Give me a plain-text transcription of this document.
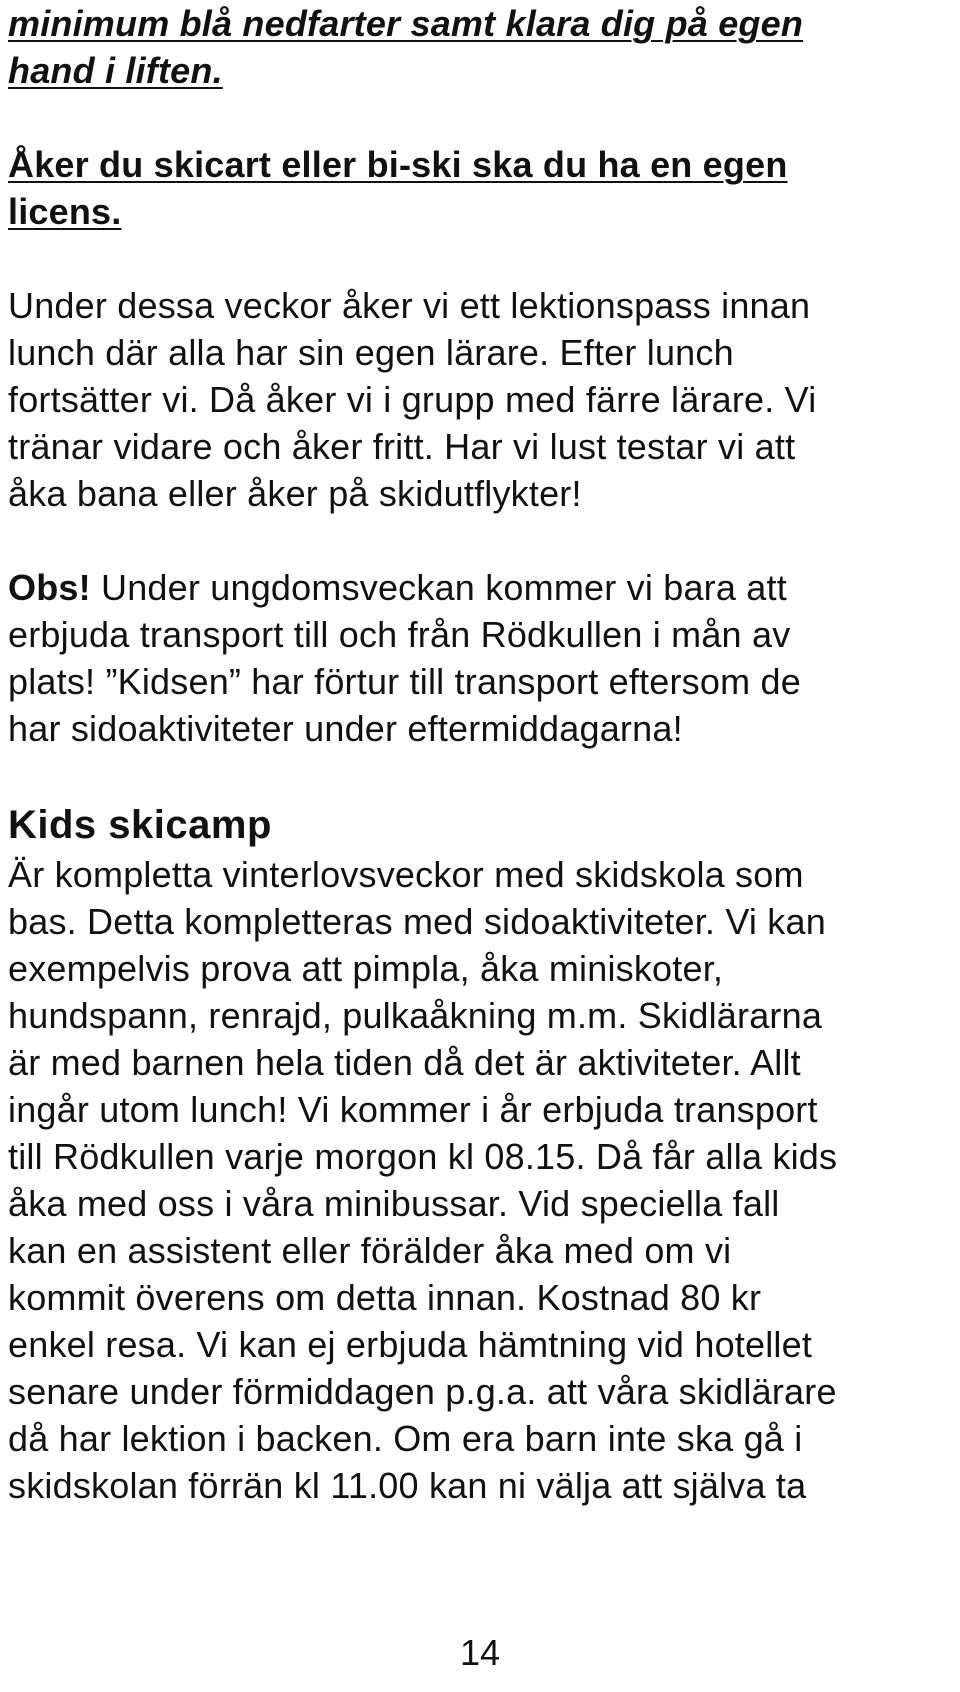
minimum blå nedfarter samt klara dig på egen
hand i liften.

Åker du skicart eller bi-ski ska du ha en egen
licens.

Under dessa veckor åker vi ett lektionspass innan
lunch där alla har sin egen lärare. Efter lunch
fortsätter vi. Då åker vi i grupp med färre lärare. Vi
tränar vidare och åker fritt. Har vi lust testar vi att
åka bana eller åker på skidutflykter!

Obs! Under ungdomsveckan kommer vi bara att
erbjuda transport till och från Rödkullen i mån av
plats! ”Kidsen” har förtur till transport eftersom de
har sidoaktiviteter under eftermiddagarna!

Kids skicamp

Är kompletta vinterlovsveckor med skidskola som
bas. Detta kompletteras med sidoaktiviteter. Vi kan
exempelvis prova att pimpla, åka miniskoter,
hundspann, renrajd, pulkaåkning m.m. Skidlärarna
är med barnen hela tiden då det är aktiviteter. Allt
ingår utom lunch! Vi kommer i år erbjuda transport
till Rödkullen varje morgon kl 08.15. Då får alla kids
åka med oss i våra minibussar. Vid speciella fall
kan en assistent eller förälder åka med om vi
kommit överens om detta innan. Kostnad 80 kr
enkel resa. Vi kan ej erbjuda hämtning vid hotellet
senare under förmiddagen p.g.a. att våra skidlärare
då har lektion i backen. Om era barn inte ska gå i
skidskolan förrän kl 11.00 kan ni välja att själva ta

14
